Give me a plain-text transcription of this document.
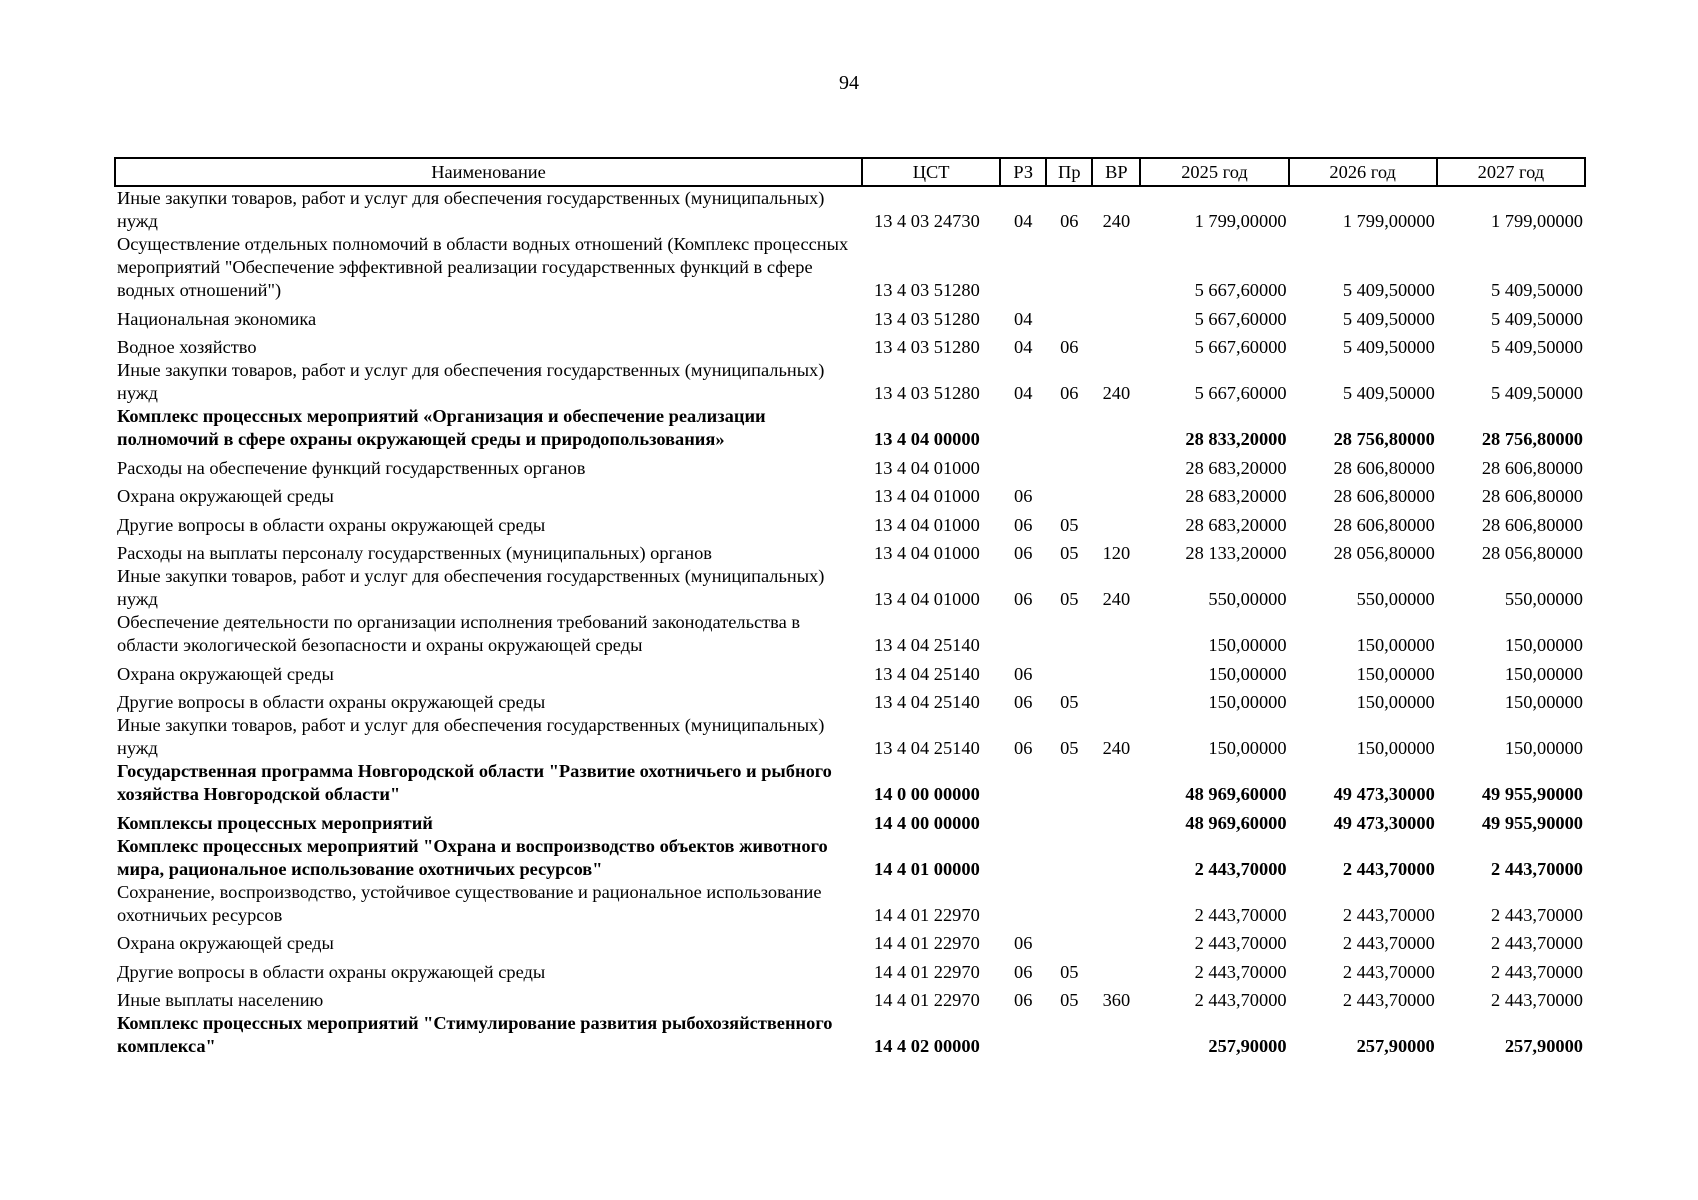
94
Наименование	ЦСТ	РЗ	Пр	ВР	2025 год	2026 год	2027 год
Иные закупки товаров, работ и услуг для обеспечения государственных (муниципальных) нужд	13 4 03 24730	04	06	240	1 799,00000	1 799,00000	1 799,00000
Осуществление отдельных полномочий в области водных отношений (Комплекс процессных мероприятий "Обеспечение эффективной реализации государственных функций в сфере водных отношений")	13 4 03 51280				5 667,60000	5 409,50000	5 409,50000
Национальная экономика	13 4 03 51280	04			5 667,60000	5 409,50000	5 409,50000
Водное хозяйство	13 4 03 51280	04	06		5 667,60000	5 409,50000	5 409,50000
Иные закупки товаров, работ и услуг для обеспечения государственных (муниципальных) нужд	13 4 03 51280	04	06	240	5 667,60000	5 409,50000	5 409,50000
Комплекс процессных мероприятий «Организация и обеспечение реализации полномочий в сфере охраны окружающей среды и природопользования»	13 4 04 00000				28 833,20000	28 756,80000	28 756,80000
Расходы на обеспечение функций государственных органов	13 4 04 01000				28 683,20000	28 606,80000	28 606,80000
Охрана окружающей среды	13 4 04 01000	06			28 683,20000	28 606,80000	28 606,80000
Другие вопросы в области охраны окружающей среды	13 4 04 01000	06	05		28 683,20000	28 606,80000	28 606,80000
Расходы на выплаты персоналу государственных (муниципальных) органов	13 4 04 01000	06	05	120	28 133,20000	28 056,80000	28 056,80000
Иные закупки товаров, работ и услуг для обеспечения государственных (муниципальных) нужд	13 4 04 01000	06	05	240	550,00000	550,00000	550,00000
Обеспечение деятельности по организации исполнения требований законодательства в области экологической безопасности и охраны окружающей среды	13 4 04 25140				150,00000	150,00000	150,00000
Охрана окружающей среды	13 4 04 25140	06			150,00000	150,00000	150,00000
Другие вопросы в области охраны окружающей среды	13 4 04 25140	06	05		150,00000	150,00000	150,00000
Иные закупки товаров, работ и услуг для обеспечения государственных (муниципальных) нужд	13 4 04 25140	06	05	240	150,00000	150,00000	150,00000
Государственная программа Новгородской области "Развитие охотничьего и рыбного хозяйства Новгородской области"	14 0 00 00000				48 969,60000	49 473,30000	49 955,90000
Комплексы процессных мероприятий	14 4 00 00000				48 969,60000	49 473,30000	49 955,90000
Комплекс процессных мероприятий "Охрана и воспроизводство объектов животного мира, рациональное использование охотничьих ресурсов"	14 4 01 00000				2 443,70000	2 443,70000	2 443,70000
Сохранение, воспроизводство, устойчивое существование и рациональное использование охотничьих ресурсов	14 4 01 22970				2 443,70000	2 443,70000	2 443,70000
Охрана окружающей среды	14 4 01 22970	06			2 443,70000	2 443,70000	2 443,70000
Другие вопросы в области охраны окружающей среды	14 4 01 22970	06	05		2 443,70000	2 443,70000	2 443,70000
Иные выплаты населению	14 4 01 22970	06	05	360	2 443,70000	2 443,70000	2 443,70000
Комплекс процессных мероприятий "Стимулирование развития рыбохозяйственного комплекса"	14 4 02 00000				257,90000	257,90000	257,90000
